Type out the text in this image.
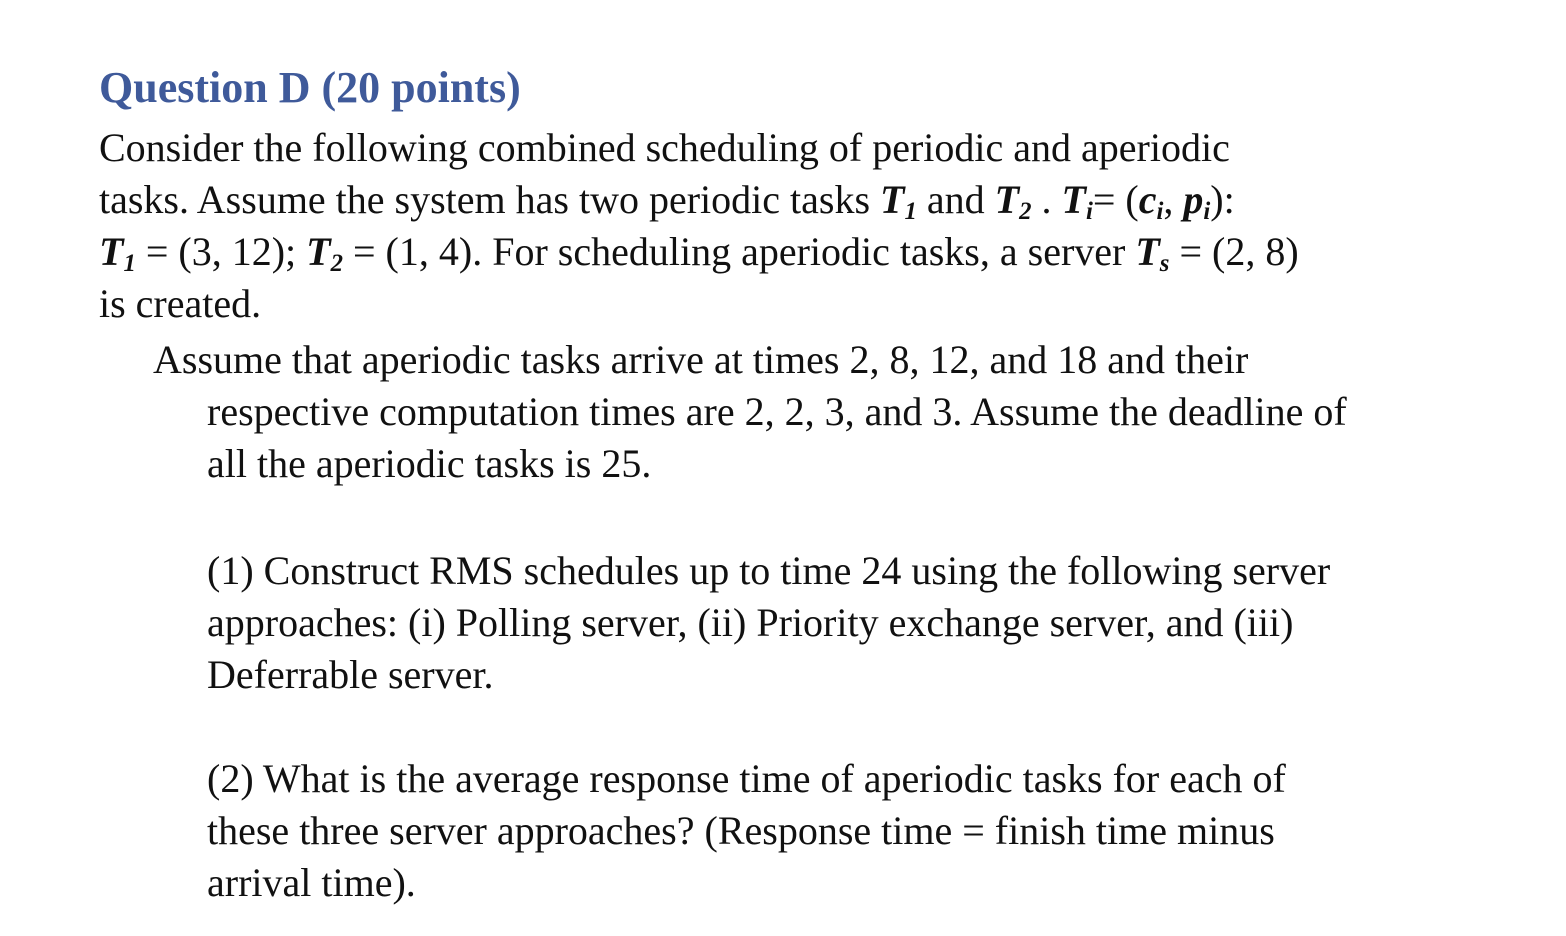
Question D (20 points)
Consider the following combined scheduling of periodic and aperiodic
tasks. Assume the system has two periodic tasks $T_1$ and $T_2$ . $T_i= (c_i$, $p_i$):
$T_1 = (3$, 12); $T_2 = (1$, 4). For scheduling aperiodic tasks, a server $T_s = (2$, 8)
is created.
Assume that aperiodic tasks arrive at times 2, 8, 12, and 18 and their
respective computation times are 2, 2, 3, and 3. Assume the deadline of
all the aperiodic tasks is 25.
(1) Construct RMS schedules up to time 24 using the following server
approaches: (i) Polling server, (ii) Priority exchange server, and (iii)
Deferrable server.
(2) What is the average response time of aperiodic tasks for each of
these three server approaches? (Response time = finish time minus
arrival time).
